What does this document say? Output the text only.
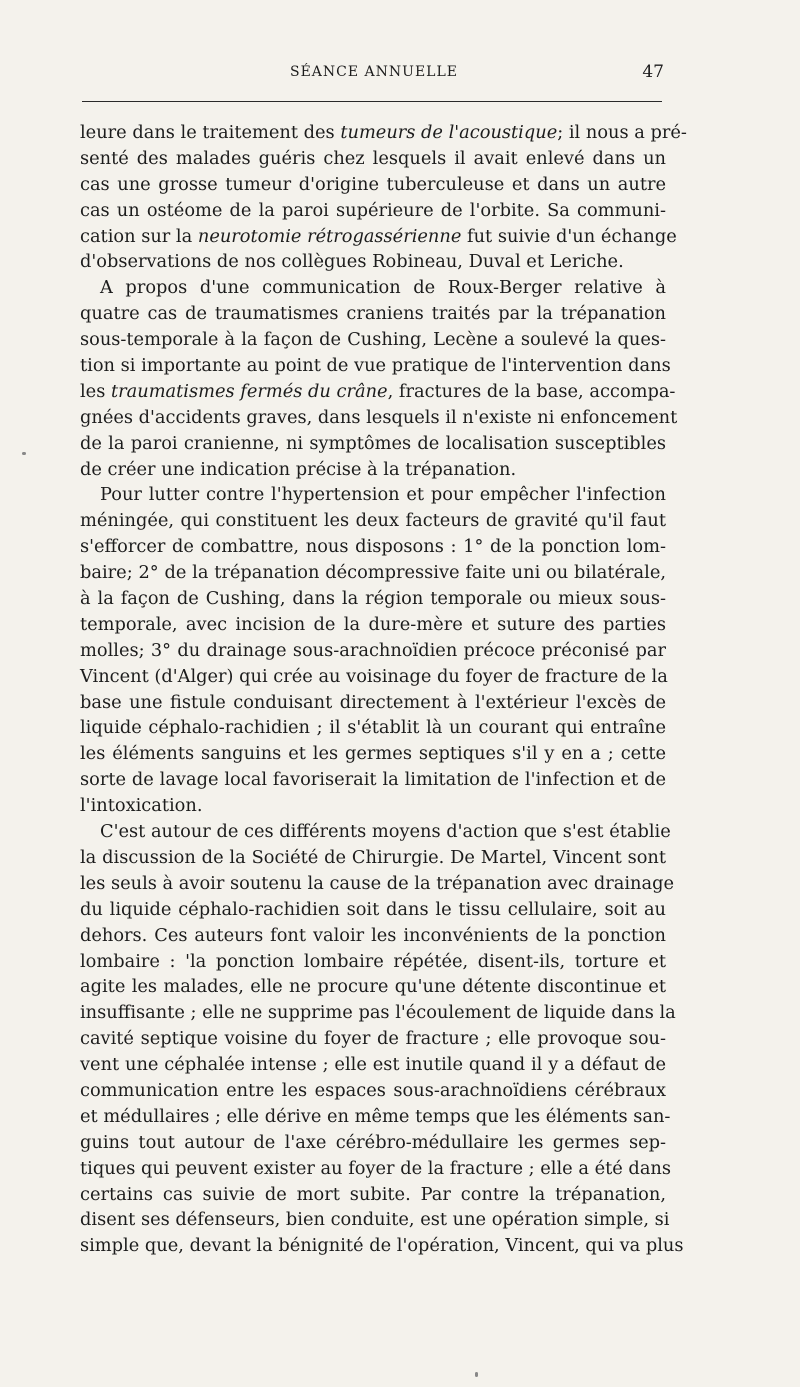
SÉANCE ANNUELLE	47
leure dans le traitement des tumeurs de l'acoustique; il nous a pré-
senté des malades guéris chez lesquels il avait enlevé dans un
cas une grosse tumeur d'origine tuberculeuse et dans un autre
cas un ostéome de la paroi supérieure de l'orbite. Sa communi-
cation sur la neurotomie rétrogassérienne fut suivie d'un échange
d'observations de nos collègues Robineau, Duval et Leriche.
A propos d'une communication de Roux-Berger relative à
quatre cas de traumatismes craniens traités par la trépanation
sous-temporale à la façon de Cushing, Lecène a soulevé la ques-
tion si importante au point de vue pratique de l'intervention dans
les traumatismes fermés du crâne, fractures de la base, accompa-
gnées d'accidents graves, dans lesquels il n'existe ni enfoncement
de la paroi cranienne, ni symptômes de localisation susceptibles
de créer une indication précise à la trépanation.
Pour lutter contre l'hypertension et pour empêcher l'infection
méningée, qui constituent les deux facteurs de gravité qu'il faut
s'efforcer de combattre, nous disposons : 1° de la ponction lom-
baire; 2° de la trépanation décompressive faite uni ou bilatérale,
à la façon de Cushing, dans la région temporale ou mieux sous-
temporale, avec incision de la dure-mère et suture des parties
molles; 3° du drainage sous-arachnoïdien précoce préconisé par
Vincent (d'Alger) qui crée au voisinage du foyer de fracture de la
base une fistule conduisant directement à l'extérieur l'excès de
liquide céphalo-rachidien ; il s'établit là un courant qui entraîne
les éléments sanguins et les germes septiques s'il y en a ; cette
sorte de lavage local favoriserait la limitation de l'infection et de
l'intoxication.
C'est autour de ces différents moyens d'action que s'est établie
la discussion de la Société de Chirurgie. De Martel, Vincent sont
les seuls à avoir soutenu la cause de la trépanation avec drainage
du liquide céphalo-rachidien soit dans le tissu cellulaire, soit au
dehors. Ces auteurs font valoir les inconvénients de la ponction
lombaire : 'la ponction lombaire répétée, disent-ils, torture et
agite les malades, elle ne procure qu'une détente discontinue et
insuffisante ; elle ne supprime pas l'écoulement de liquide dans la
cavité septique voisine du foyer de fracture ; elle provoque sou-
vent une céphalée intense ; elle est inutile quand il y a défaut de
communication entre les espaces sous-arachnoïdiens cérébraux
et médullaires ; elle dérive en même temps que les éléments san-
guins tout autour de l'axe cérébro-médullaire les germes sep-
tiques qui peuvent exister au foyer de la fracture ; elle a été dans
certains cas suivie de mort subite. Par contre la trépanation,
disent ses défenseurs, bien conduite, est une opération simple, si
simple que, devant la bénignité de l'opération, Vincent, qui va plus
